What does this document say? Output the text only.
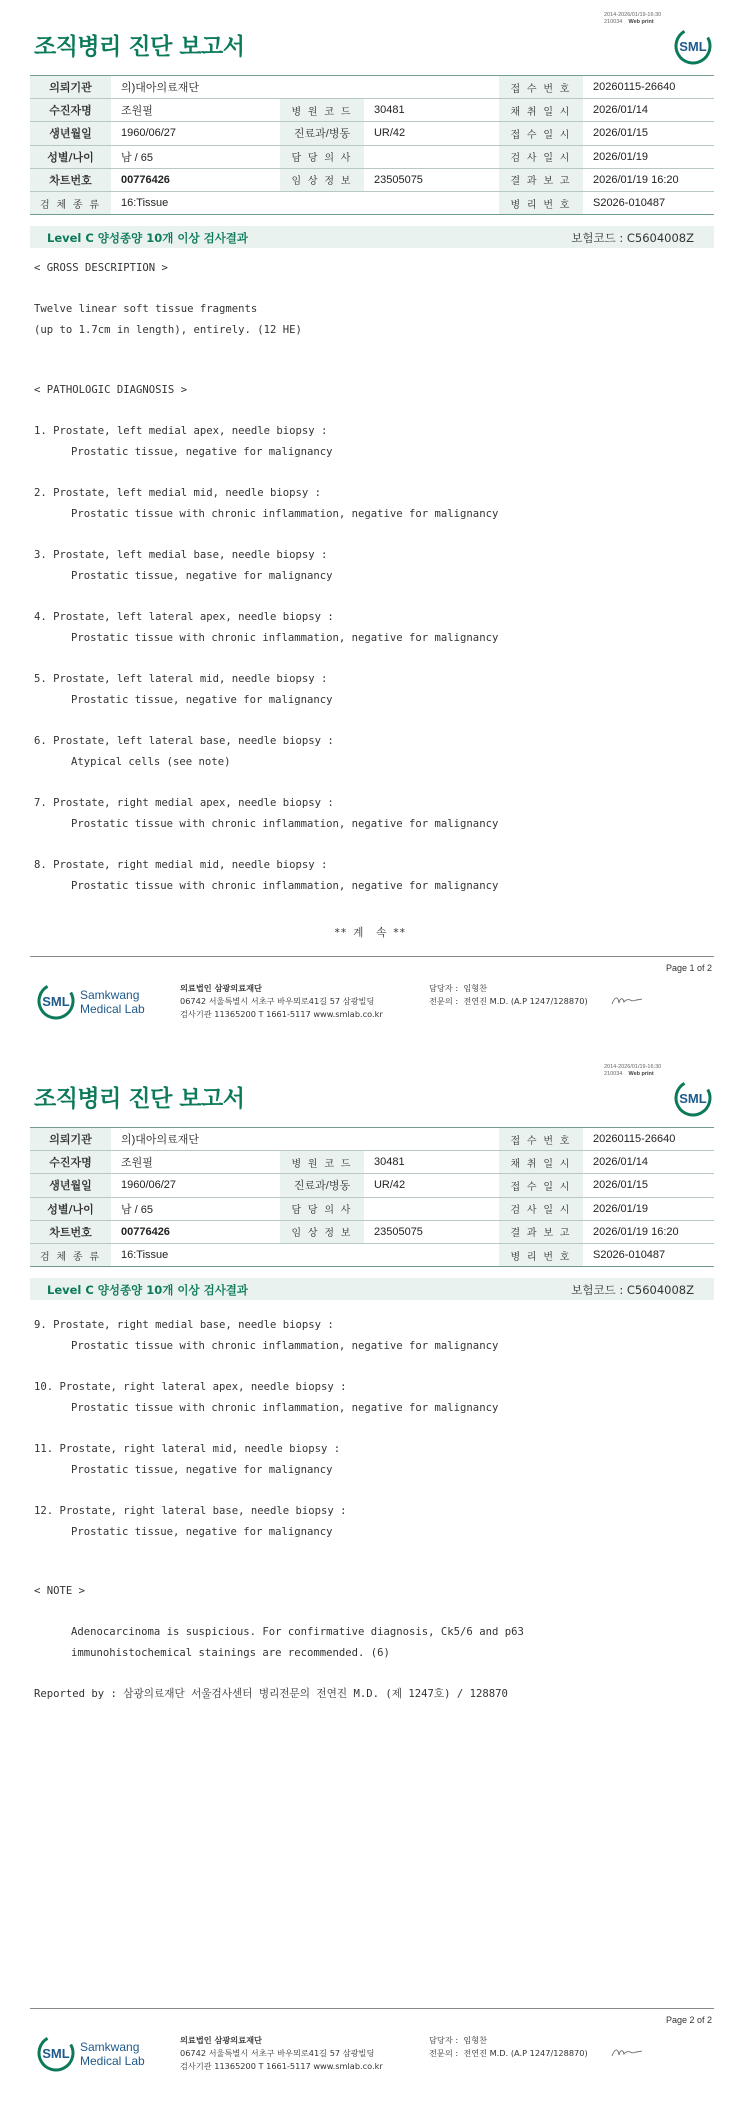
2014-2026/01/19-16:30
210034 Web print
조직병리 진단 보고서	SML
의뢰기관	의)대아의료재단			접 수 번 호	20260115-26640
수진자명	조원필	병 원 코 드	30481	채 취 일 시	2026/01/14
생년월일	1960/06/27	진료과/병동	UR/42	접 수 일 시	2026/01/15
성별/나이	남 / 65	담 당 의 사		검 사 일 시	2026/01/19
차트번호	00776426	임 상 정 보	23505075	결 과 보 고	2026/01/19 16:20
검 체 종 류	16:Tissue			병 리 번 호	S2026-010487
Level C 양성종양 10개 이상 검사결과	보험코드 : C5604008Z
< GROSS DESCRIPTION >
Twelve linear soft tissue fragments
(up to 1.7cm in length), entirely. (12 HE)
< PATHOLOGIC DIAGNOSIS >
1. Prostate, left medial apex, needle biopsy :
Prostatic tissue, negative for malignancy
2. Prostate, left medial mid, needle biopsy :
Prostatic tissue with chronic inflammation, negative for malignancy
3. Prostate, left medial base, needle biopsy :
Prostatic tissue, negative for malignancy
4. Prostate, left lateral apex, needle biopsy :
Prostatic tissue with chronic inflammation, negative for malignancy
5. Prostate, left lateral mid, needle biopsy :
Prostatic tissue, negative for malignancy
6. Prostate, left lateral base, needle biopsy :
Atypical cells (see note)
7. Prostate, right medial apex, needle biopsy :
Prostatic tissue with chronic inflammation, negative for malignancy
8. Prostate, right medial mid, needle biopsy :
Prostatic tissue with chronic inflammation, negative for malignancy
** 계  속 **
Page 1 of 2
SML Samkwang
Medical Lab
의료법인 삼광의료재단
06742 서울특별시 서초구 바우뫼로41길 57 삼광빌딩
검사기관 11365200 T 1661-5117 www.smlab.co.kr
담당자 : 임형찬
전문의 : 전연진 M.D. (A.P 1247/128870)
2014-2026/01/19-16:30
210034 Web print
조직병리 진단 보고서	SML
의뢰기관	의)대아의료재단			접 수 번 호	20260115-26640
수진자명	조원필	병 원 코 드	30481	채 취 일 시	2026/01/14
생년월일	1960/06/27	진료과/병동	UR/42	접 수 일 시	2026/01/15
성별/나이	남 / 65	담 당 의 사		검 사 일 시	2026/01/19
차트번호	00776426	임 상 정 보	23505075	결 과 보 고	2026/01/19 16:20
검 체 종 류	16:Tissue			병 리 번 호	S2026-010487
Level C 양성종양 10개 이상 검사결과	보험코드 : C5604008Z
9. Prostate, right medial base, needle biopsy :
Prostatic tissue with chronic inflammation, negative for malignancy
10. Prostate, right lateral apex, needle biopsy :
Prostatic tissue with chronic inflammation, negative for malignancy
11. Prostate, right lateral mid, needle biopsy :
Prostatic tissue, negative for malignancy
12. Prostate, right lateral base, needle biopsy :
Prostatic tissue, negative for malignancy
< NOTE >
Adenocarcinoma is suspicious. For confirmative diagnosis, Ck5/6 and p63
immunohistochemical stainings are recommended. (6)
Reported by : 삼광의료재단 서울검사센터 병리전문의 전연진 M.D. (제 1247호) / 128870
Page 2 of 2
SML Samkwang
Medical Lab
의료법인 삼광의료재단
06742 서울특별시 서초구 바우뫼로41길 57 삼광빌딩
검사기관 11365200 T 1661-5117 www.smlab.co.kr
담당자 : 임형찬
전문의 : 전연진 M.D. (A.P 1247/128870)
